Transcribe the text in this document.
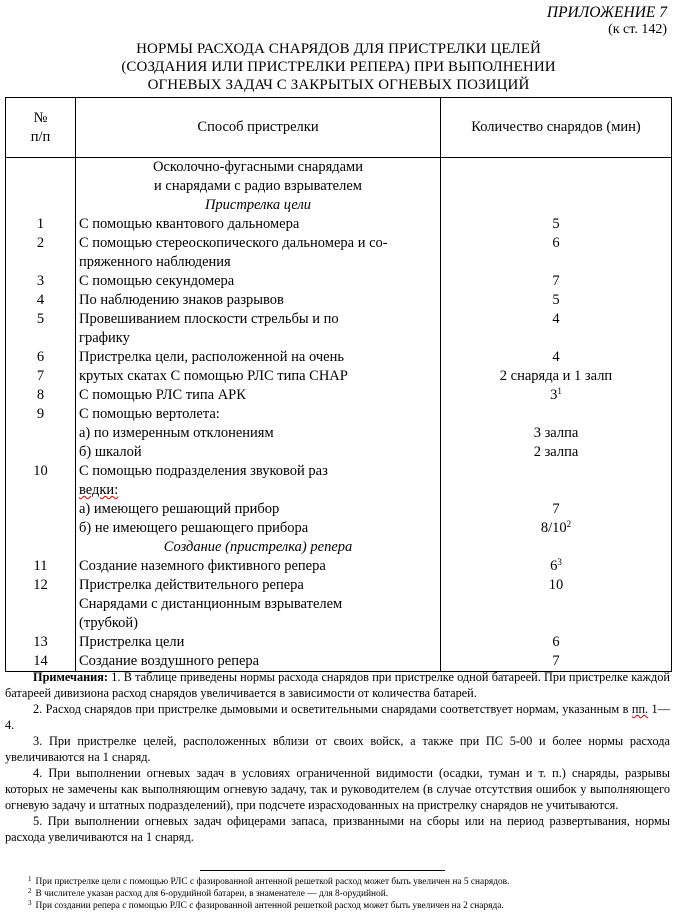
ПРИЛОЖЕНИЕ 7
(к ст. 142)
НОРМЫ РАСХОДА СНАРЯДОВ ДЛЯ ПРИСТРЕЛКИ ЦЕЛЕЙ
(СОЗДАНИЯ ИЛИ ПРИСТРЕЛКИ РЕПЕРА) ПРИ ВЫПОЛНЕНИИ
ОГНЕВЫХ ЗАДАЧ С ЗАКРЫТЫХ ОГНЕВЫХ ПОЗИЦИЙ
№
п/п	Способ пристрелки	Количество снарядов (мин)
	Осколочно-фугасными снарядами
и снарядами с радио взрывателем
Пристрелка цели	
1	С помощью квантового дальномера	5
2	С помощью стереоскопического дальномера и со-
пряженного наблюдения	6
3	С помощью секундомера	7
4	По наблюдению знаков разрывов	5
5	Провешиванием плоскости стрельбы и по
графику	4
6	Пристрелка цели, расположенной на очень	4
7	крутых скатах С помощью РЛС типа СНАР	2 снаряда и 1 залп
8	С помощью РЛС типа АРК	$3^1$
9	С помощью вертолета:	
	а) по измеренным отклонениям	3 залпа
	б) шкалой	2 залпа
10	С помощью подразделения звуковой раз
ведки:	
	а) имеющего решающий прибор	7
	б) не имеющего решающего прибора	$8/10^2$
	Создание (пристрелка) репера	
11	Создание наземного фиктивного репера	$6^3$
12	Пристрелка действительного репера	10
	Снарядами с дистанционным взрывателем
(трубкой)	
13	Пристрелка цели	6
14	Создание воздушного репера	7

Примечания: 1. В таблице приведены нормы расхода снарядов при пристрелке одной батареей. При пристрелке каждой батареей дивизиона расход снарядов увеличивается в зависимости от количества батарей.

2. Расход снарядов при пристрелке дымовыми и осветительными снарядами соответствует нормам, указанным в пп. 1—4.

3. При пристрелке целей, расположенных вблизи от своих войск, а также при ПС 5-00 и более нормы расхода увеличиваются на 1 снаряд.

4. При выполнении огневых задач в условиях ограниченной видимости (осадки, туман и т. п.) снаряды, разрывы которых не замечены как выполняющим огневую задачу, так и руководителем (в случае отсутствия ошибок у выполняющего огневую задачу и штатных подразделений), при подсчете израсходованных на пристрелку снарядов не учитываются.

5. При выполнении огневых задач офицерами запаса, призванными на сборы или на период развертывания, нормы расхода увеличиваются на 1 снаряд.

$^1$ При пристрелке цели с помощью РЛС с фазированной антенной решеткой расход может быть увеличен на 5 снарядов.
$^2$ В числителе указан расход для 6-орудийной батареи, в знаменателе — для 8-орудийной.
$^3$ При создании репера с помощью РЛС с фазированной антенной решеткой расход может быть увеличен на 2 снаряда.
